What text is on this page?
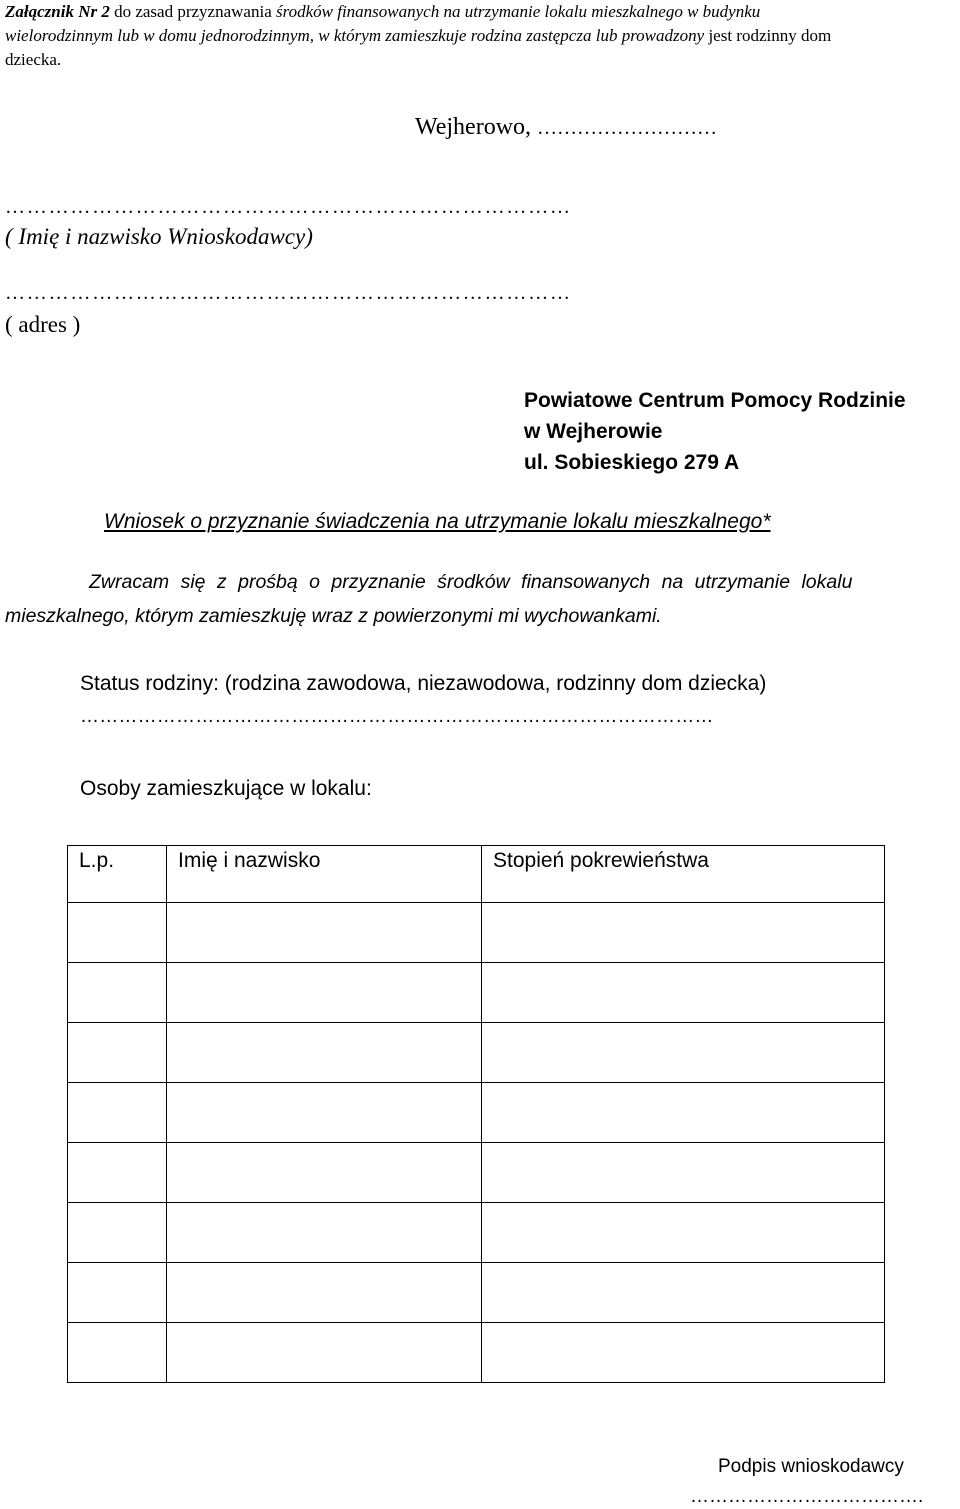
Załącznik Nr 2 do zasad przyznawania środków finansowanych na utrzymanie lokalu mieszkalnego w budynku
wielorodzinnym lub w domu jednorodzinnym, w którym zamieszkuje rodzina zastępcza lub prowadzony jest rodzinny dom
dziecka.
Wejherowo, ………………………
……………………………………………………………………
( Imię i nazwisko Wnioskodawcy)
……………………………………………………………………
( adres )
Powiatowe Centrum Pomocy Rodzinie
w Wejherowie
ul. Sobieskiego 279 A
Wniosek o przyznanie świadczenia na utrzymanie lokalu mieszkalnego*
Zwracam się z prośbą o przyznanie środków finansowanych na utrzymanie lokalu
mieszkalnego, którym zamieszkuję wraz z powierzonymi mi wychowankami.
Status rodziny: (rodzina zawodowa, niezawodowa, rodzinny dom dziecka)
………………………………………………………………………………………
Osoby zamieszkujące w lokalu:
L.p.	Imię i nazwisko	Stopień pokrewieństwa

Podpis wnioskodawcy
……………………………….
